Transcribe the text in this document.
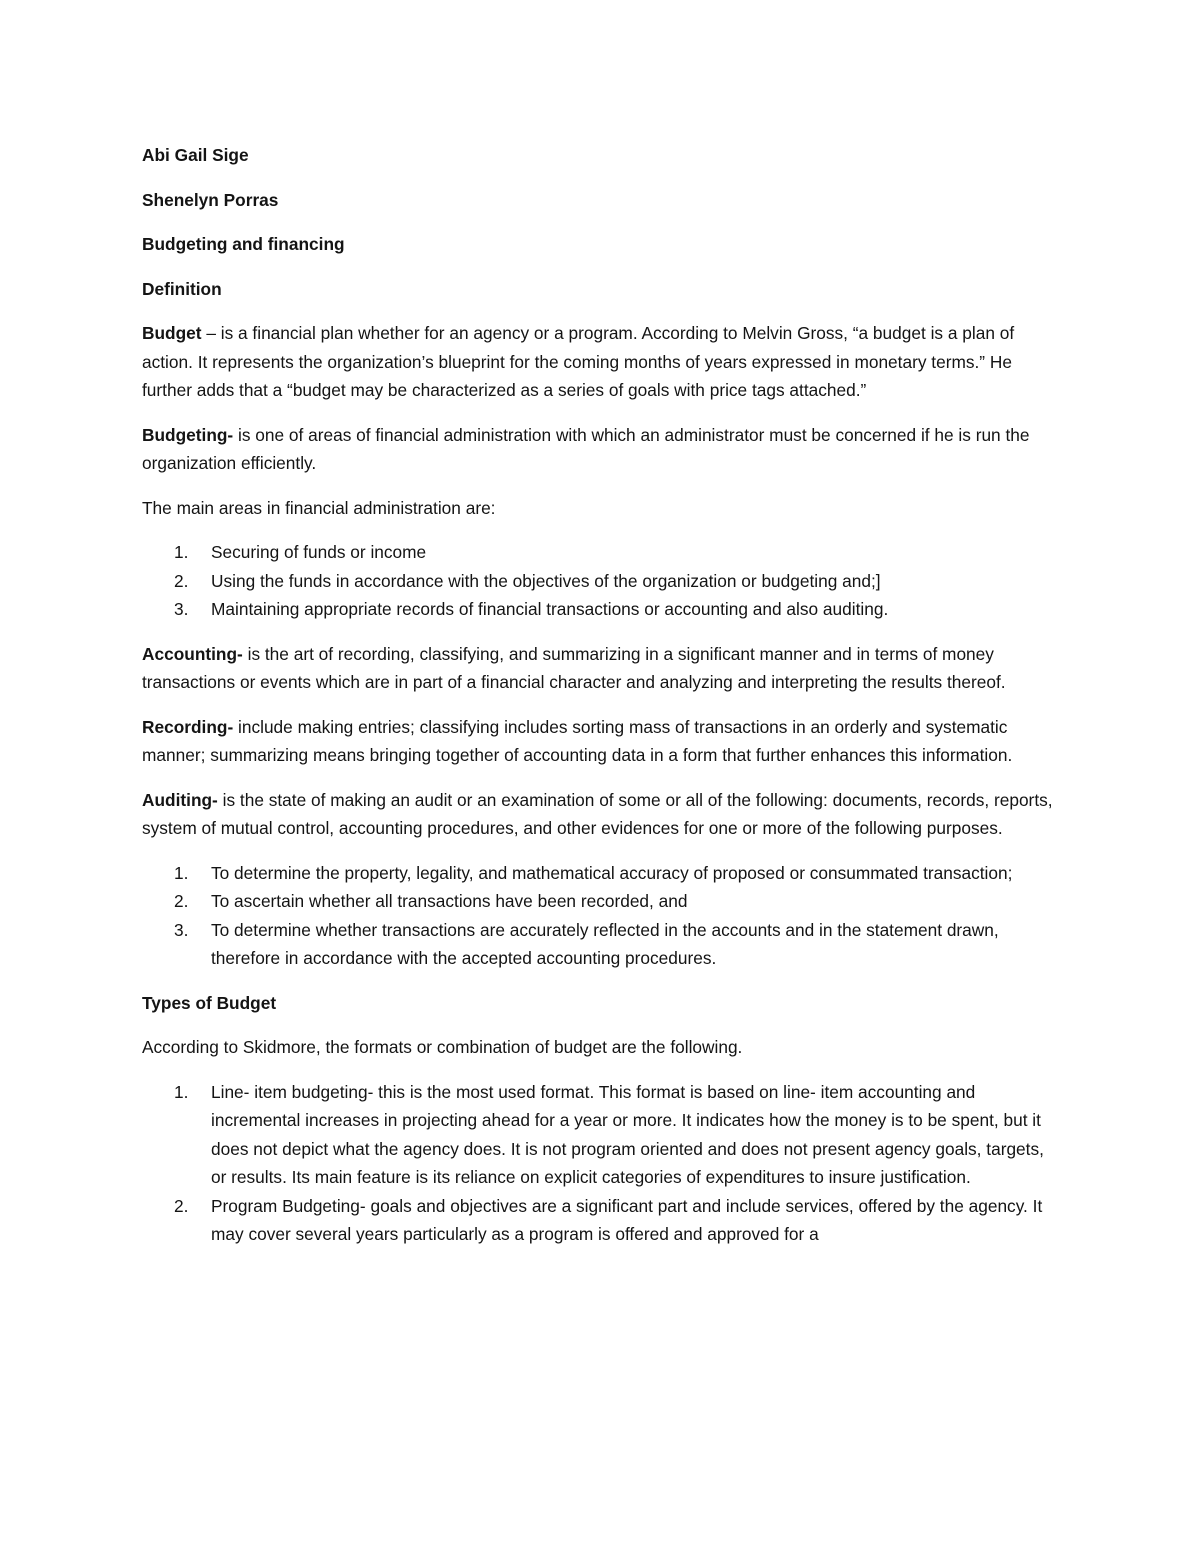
Abi Gail Sige

Shenelyn Porras

Budgeting and financing

Definition

Budget – is a financial plan whether for an agency or a program. According to Melvin Gross, “a budget is a plan of action. It represents the organization’s blueprint for the coming months of years expressed in monetary terms.” He further adds that a “budget may be characterized as a series of goals with price tags attached.”

Budgeting- is one of areas of financial administration with which an administrator must be concerned if he is run the organization efficiently.

The main areas in financial administration are:

1. Securing of funds or income
2. Using the funds in accordance with the objectives of the organization or budgeting and;]
3. Maintaining appropriate records of financial transactions or accounting and also auditing.

Accounting- is the art of recording, classifying, and summarizing in a significant manner and in terms of money transactions or events which are in part of a financial character and analyzing and interpreting the results thereof.

Recording- include making entries; classifying includes sorting mass of transactions in an orderly and systematic manner; summarizing means bringing together of accounting data in a form that further enhances this information.

Auditing- is the state of making an audit or an examination of some or all of the following: documents, records, reports, system of mutual control, accounting procedures, and other evidences for one or more of the following purposes.

1. To determine the property, legality, and mathematical accuracy of proposed or consummated transaction;
2. To ascertain whether all transactions have been recorded, and
3. To determine whether transactions are accurately reflected in the accounts and in the statement drawn, therefore in accordance with the accepted accounting procedures.

Types of Budget

According to Skidmore, the formats or combination of budget are the following.

1. Line- item budgeting- this is the most used format. This format is based on line- item accounting and incremental increases in projecting ahead for a year or more. It indicates how the money is to be spent, but it does not depict what the agency does. It is not program oriented and does not present agency goals, targets, or results. Its main feature is its reliance on explicit categories of expenditures to insure justification.
2. Program Budgeting- goals and objectives are a significant part and include services, offered by the agency. It may cover several years particularly as a program is offered and approved for a
